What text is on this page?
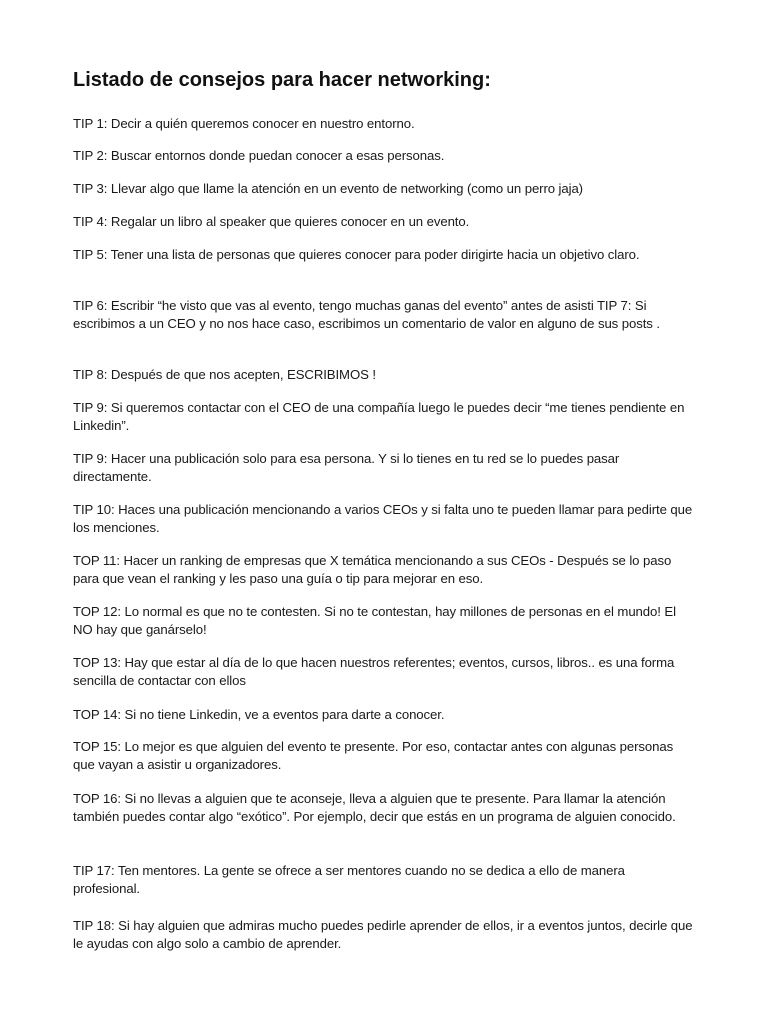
Listado de consejos para hacer networking:

TIP 1: Decir a quién queremos conocer en nuestro entorno.

TIP 2: Buscar entornos donde puedan conocer a esas personas.

TIP 3: Llevar algo que llame la atención en un evento de networking (como un perro jaja)

TIP 4: Regalar un libro al speaker que quieres conocer en un evento.

TIP 5: Tener una lista de personas que quieres conocer para poder dirigirte hacia un objetivo claro.

TIP 6: Escribir “he visto que vas al evento, tengo muchas ganas del evento” antes de asisti TIP 7: Si escribimos a un CEO y no nos hace caso, escribimos un comentario de valor en alguno de sus posts .

TIP 8: Después de que nos acepten, ESCRIBIMOS !

TIP 9: Si queremos contactar con el CEO de una compañía luego le puedes decir “me tienes pendiente en Linkedin”.

TIP 9: Hacer una publicación solo para esa persona. Y si lo tienes en tu red se lo puedes pasar directamente.

TIP 10: Haces una publicación mencionando a varios CEOs y si falta uno te pueden llamar para pedirte que los menciones.

TOP 11: Hacer un ranking de empresas que X temática mencionando a sus CEOs - Después se lo paso para que vean el ranking y les paso una guía o tip para mejorar en eso.

TOP 12: Lo normal es que no te contesten. Si no te contestan, hay millones de personas en el mundo! El NO hay que ganárselo!

TOP 13: Hay que estar al día de lo que hacen nuestros referentes; eventos, cursos, libros.. es una forma sencilla de contactar con ellos

TOP 14: Si no tiene Linkedin, ve a eventos para darte a conocer.

TOP 15: Lo mejor es que alguien del evento te presente. Por eso, contactar antes con algunas personas que vayan a asistir u organizadores.

TOP 16: Si no llevas a alguien que te aconseje, lleva a alguien que te presente. Para llamar la atención también puedes contar algo “exótico”. Por ejemplo, decir que estás en un programa de alguien conocido.

TIP 17: Ten mentores. La gente se ofrece a ser mentores cuando no se dedica a ello de manera profesional.

TIP 18: Si hay alguien que admiras mucho puedes pedirle aprender de ellos, ir a eventos juntos, decirle que le ayudas con algo solo a cambio de aprender.
